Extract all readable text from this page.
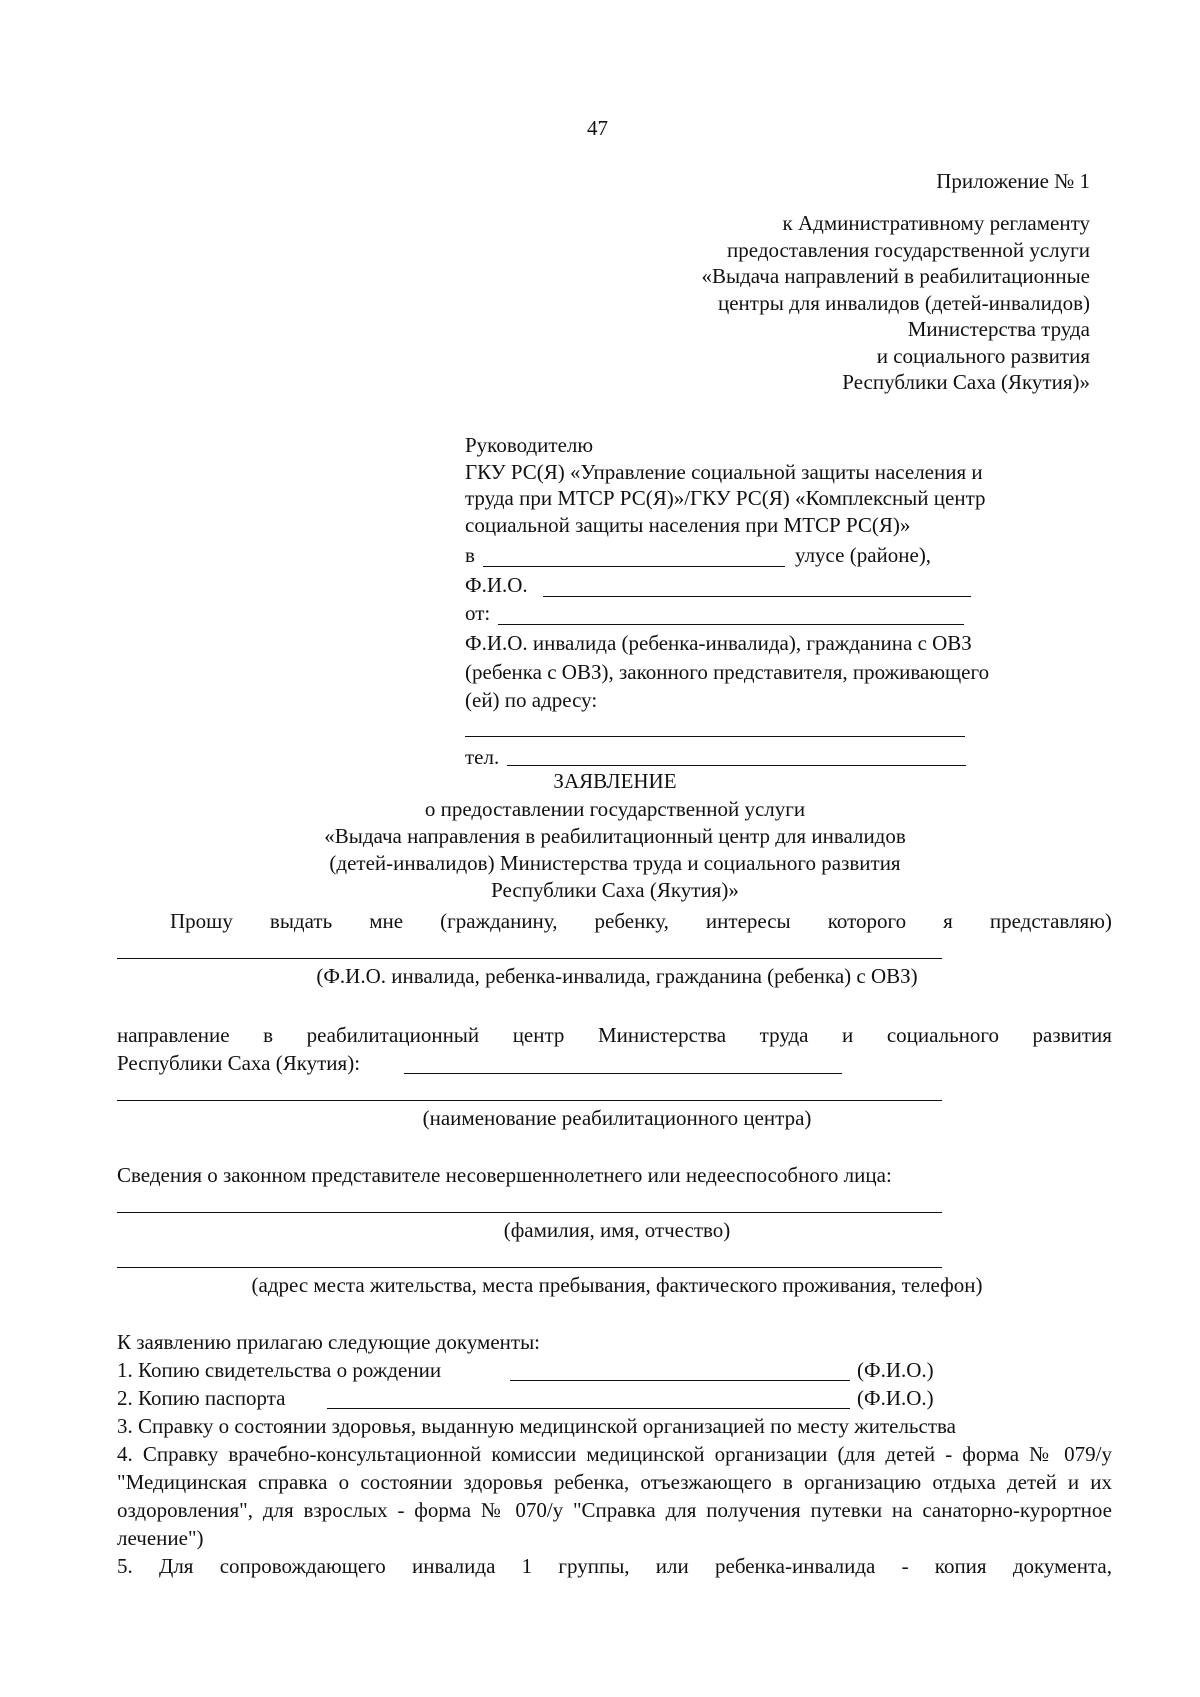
47
Приложение № 1
к Административному регламенту
предоставления государственной услуги
«Выдача направлений в реабилитационные
центры для инвалидов (детей-инвалидов)
Министерства труда
и социального развития
Республики Саха (Якутия)»
Руководителю
ГКУ РС(Я) «Управление социальной защиты населения и
труда при МТСР РС(Я)»/ГКУ РС(Я) «Комплексный центр
социальной защиты населения при МТСР РС(Я)»
в	улусе (районе),
Ф.И.О.
от:
Ф.И.О. инвалида (ребенка-инвалида), гражданина с ОВЗ
(ребенка с ОВЗ), законного представителя, проживающего
(ей) по адресу:
тел.
ЗАЯВЛЕНИЕ
о предоставлении государственной услуги
«Выдача направления в реабилитационный центр для инвалидов
(детей-инвалидов) Министерства труда и социального развития
Республики Саха (Якутия)»
Прошу выдать мне (гражданину, ребенку, интересы которого я представляю)
(Ф.И.О. инвалида, ребенка-инвалида, гражданина (ребенка) с ОВЗ)
направление в реабилитационный центр Министерства труда и социального развития
Республики Саха (Якутия):
(наименование реабилитационного центра)
Сведения о законном представителе несовершеннолетнего или недееспособного лица:
(фамилия, имя, отчество)
(адрес места жительства, места пребывания, фактического проживания, телефон)
К заявлению прилагаю следующие документы:
1. Копию свидетельства о рождении	(Ф.И.О.)
2. Копию паспорта	(Ф.И.О.)
3. Справку о состоянии здоровья, выданную медицинской организацией по месту жительства
4. Справку врачебно-консультационной комиссии медицинской организации (для детей - форма № 079/у "Медицинская справка о состоянии здоровья ребенка, отъезжающего в организацию отдыха детей и их оздоровления", для взрослых - форма № 070/у "Справка для получения путевки на санаторно-курортное лечение")
5. Для сопровождающего инвалида 1 группы, или ребенка-инвалида - копия документа,
